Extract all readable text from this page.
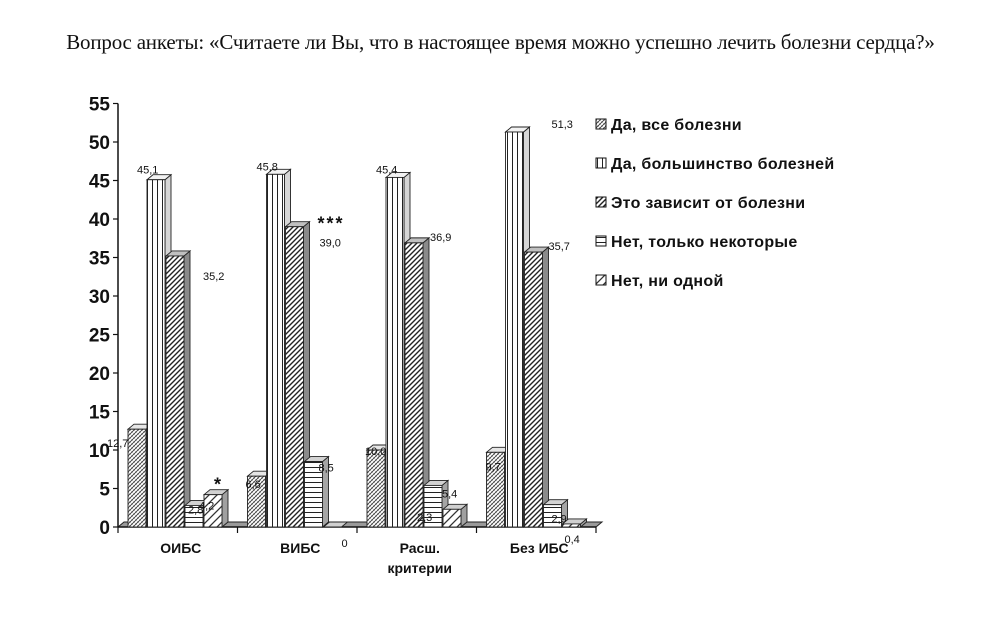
Вопрос анкеты: «Считаете ли Вы, что в настоящее время можно успешно лечить болезни сердца?»
0
5
10
15
20
25
30
35
40
45
50
55
ОИБС	ВИБС	Расш.
критерии
Без ИБС
12,7
6,6
10,0
9,7
45,1	45,8	45,4
51,3
35,2
39,0	36,9
35,7
2,8
8,5
5,4
2,9
4,2
0
2,3
0,4
*
***
Да, все болезни
Да, большинство болезней
Это зависит от болезни
Нет, только некоторые
Нет, ни одной
